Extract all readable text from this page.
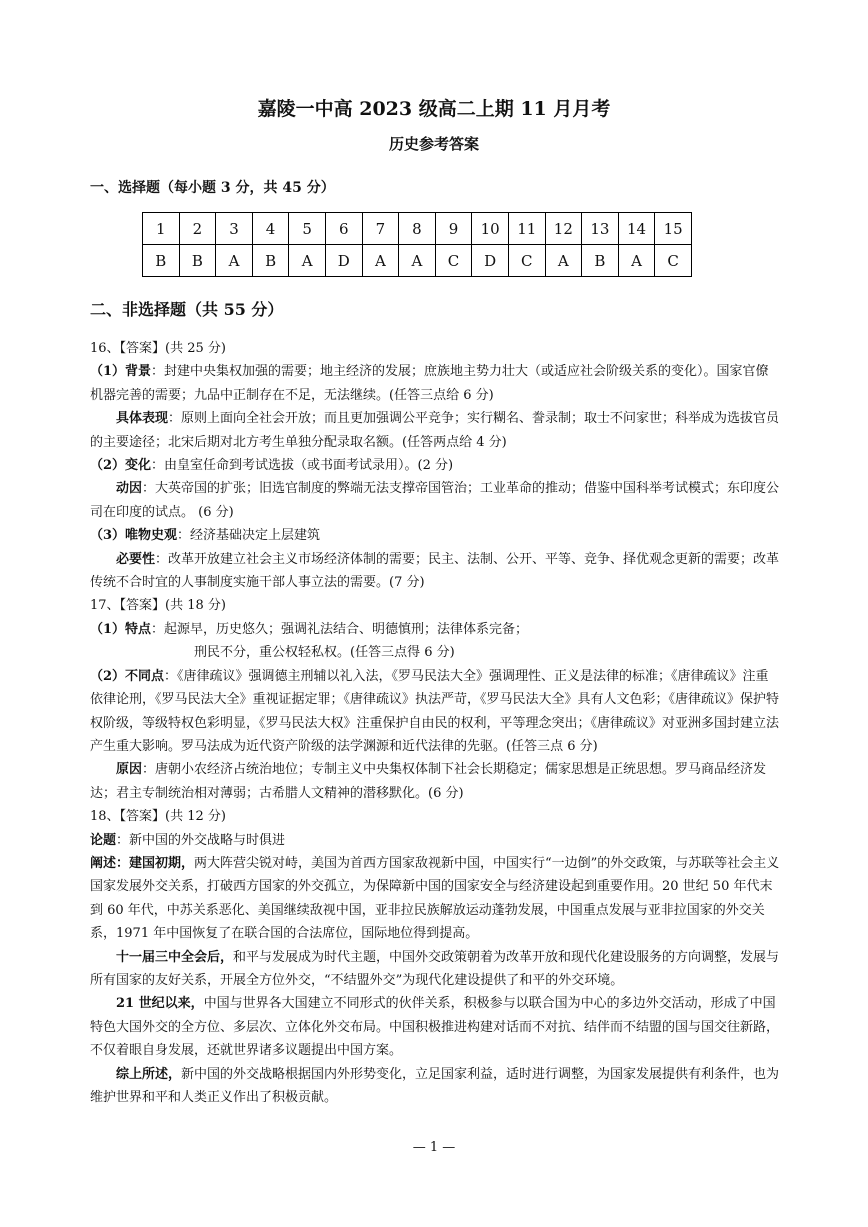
嘉陵一中高 2023 级高二上期 11 月月考
历史参考答案
一、选择题（每小题 3 分，共 45 分）
1	2	3	4	5	6	7	8	9	10	11	12	13	14	15
B	B	A	B	A	D	A	A	C	D	C	A	B	A	C
二、非选择题（共 55 分）

16、【答案】(共 25 分)

（1）背景：封建中央集权加强的需要；地主经济的发展；庶族地主势力壮大（或适应社会阶级关系的变化）。国家官僚机器完善的需要；九品中正制存在不足，无法继续。(任答三点给 6 分)

具体表现：原则上面向全社会开放；而且更加强调公平竞争；实行糊名、誊录制；取士不问家世；科举成为选拔官员的主要途径；北宋后期对北方考生单独分配录取名额。(任答两点给 4 分)

（2）变化：由皇室任命到考试选拔（或书面考试录用）。(2 分)

动因：大英帝国的扩张；旧选官制度的弊端无法支撑帝国管治；工业革命的推动；借鉴中国科举考试模式；东印度公司在印度的试点。 (6 分)

（3）唯物史观：经济基础决定上层建筑

必要性：改革开放建立社会主义市场经济体制的需要；民主、法制、公开、平等、竞争、择优观念更新的需要；改革传统不合时宜的人事制度实施干部人事立法的需要。(7 分)

17、【答案】(共 18 分)

（1）特点：起源早，历史悠久；强调礼法结合、明德慎刑；法律体系完备；

刑民不分，重公权轻私权。(任答三点得 6 分)

（2）不同点：《唐律疏议》强调德主刑辅以礼入法，《罗马民法大全》强调理性、正义是法律的标准；《唐律疏议》注重依律论刑，《罗马民法大全》重视证据定罪；《唐律疏议》执法严苛，《罗马民法大全》具有人文色彩；《唐律疏议》保护特权阶级，等级特权色彩明显，《罗马民法大权》注重保护自由民的权利，平等理念突出；《唐律疏议》对亚洲多国封建立法产生重大影响。罗马法成为近代资产阶级的法学渊源和近代法律的先驱。(任答三点 6 分)

原因：唐朝小农经济占统治地位；专制主义中央集权体制下社会长期稳定；儒家思想是正统思想。罗马商品经济发达；君主专制统治相对薄弱；古希腊人文精神的潜移默化。(6 分)

18、【答案】(共 12 分)

论题：新中国的外交战略与时俱进

阐述：建国初期，两大阵营尖锐对峙，美国为首西方国家敌视新中国，中国实行“一边倒”的外交政策，与苏联等社会主义国家发展外交关系，打破西方国家的外交孤立，为保障新中国的国家安全与经济建设起到重要作用。20 世纪 50 年代末到 60 年代，中苏关系恶化、美国继续敌视中国，亚非拉民族解放运动蓬勃发展，中国重点发展与亚非拉国家的外交关系，1971 年中国恢复了在联合国的合法席位，国际地位得到提高。

十一届三中全会后，和平与发展成为时代主题，中国外交政策朝着为改革开放和现代化建设服务的方向调整，发展与所有国家的友好关系，开展全方位外交，“不结盟外交”为现代化建设提供了和平的外交环境。

21 世纪以来，中国与世界各大国建立不同形式的伙伴关系，积极参与以联合国为中心的多边外交活动，形成了中国特色大国外交的全方位、多层次、立体化外交布局。中国积极推进构建对话而不对抗、结伴而不结盟的国与国交往新路，不仅着眼自身发展，还就世界诸多议题提出中国方案。

综上所述，新中国的外交战略根据国内外形势变化，立足国家利益，适时进行调整，为国家发展提供有利条件，也为维护世界和平和人类正义作出了积极贡献。

— 1 —
